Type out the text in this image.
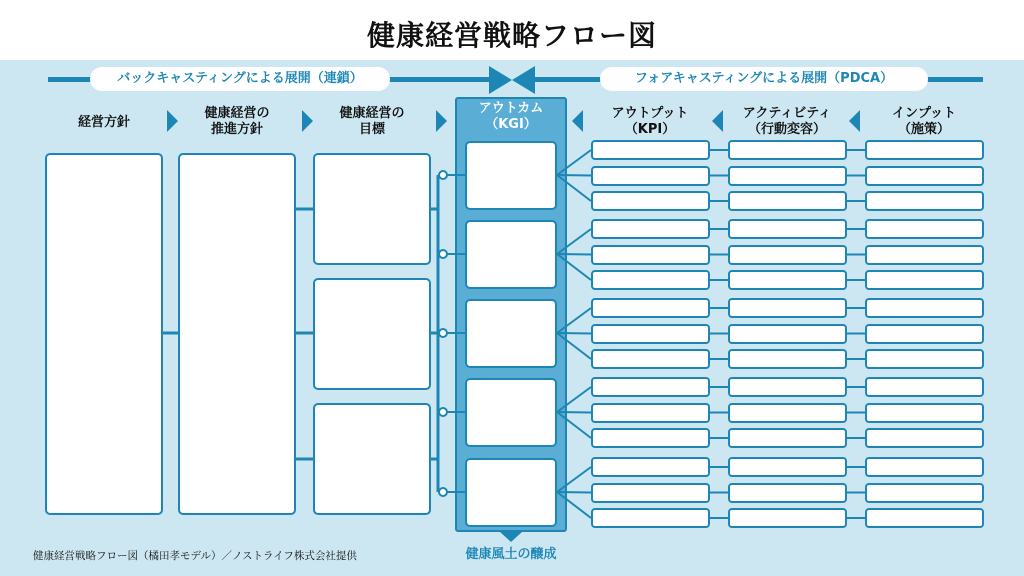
健康経営戦略フロー図
バックキャスティングによる展開（連鎖）	フォアキャスティングによる展開（PDCA）
経営方針
健康経営の
推進方針
健康経営の
目標
アウトカム
（KGI）
アウトプット
（KPI）
アクティビティ
（行動変容）
インプット
（施策）
健康風土の醸成
健康経営戦略フロー図（橘田孝モデル）／ノストライフ株式会社提供
